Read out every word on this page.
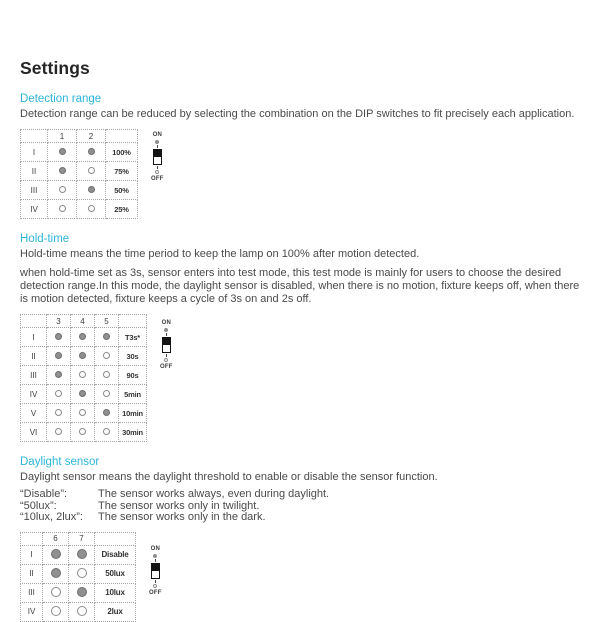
Settings
Detection range

Detection range can be reduced by selecting the combination on the DIP switches to fit precisely each application.

	1	2	
I			100%
II			75%
III			50%
IV			25%
ON
OFF
Hold-time

Hold-time means the time period to keep the lamp on 100% after motion detected.

when hold-time set as 3s, sensor enters into test mode, this test mode is mainly for users to choose the desired detection range.In this mode, the daylight sensor is disabled, when there is no motion, fixture keeps off, when there is motion detected, fixture keeps a cycle of 3s on and 2s off.

	3	4	5	
I				T3s*
II				30s
III				90s
IV				5min
V				10min
VI				30min
ON
OFF
Daylight sensor

Daylight sensor means the daylight threshold to enable or disable the sensor function.

“Disable”:	The sensor works always, even during daylight.
“50lux”:	The sensor works only in twilight.
“10lux, 2lux”:	The sensor works only in the dark.
	6	7	
I			Disable
II			50lux
III			10lux
IV			2lux
ON
OFF
